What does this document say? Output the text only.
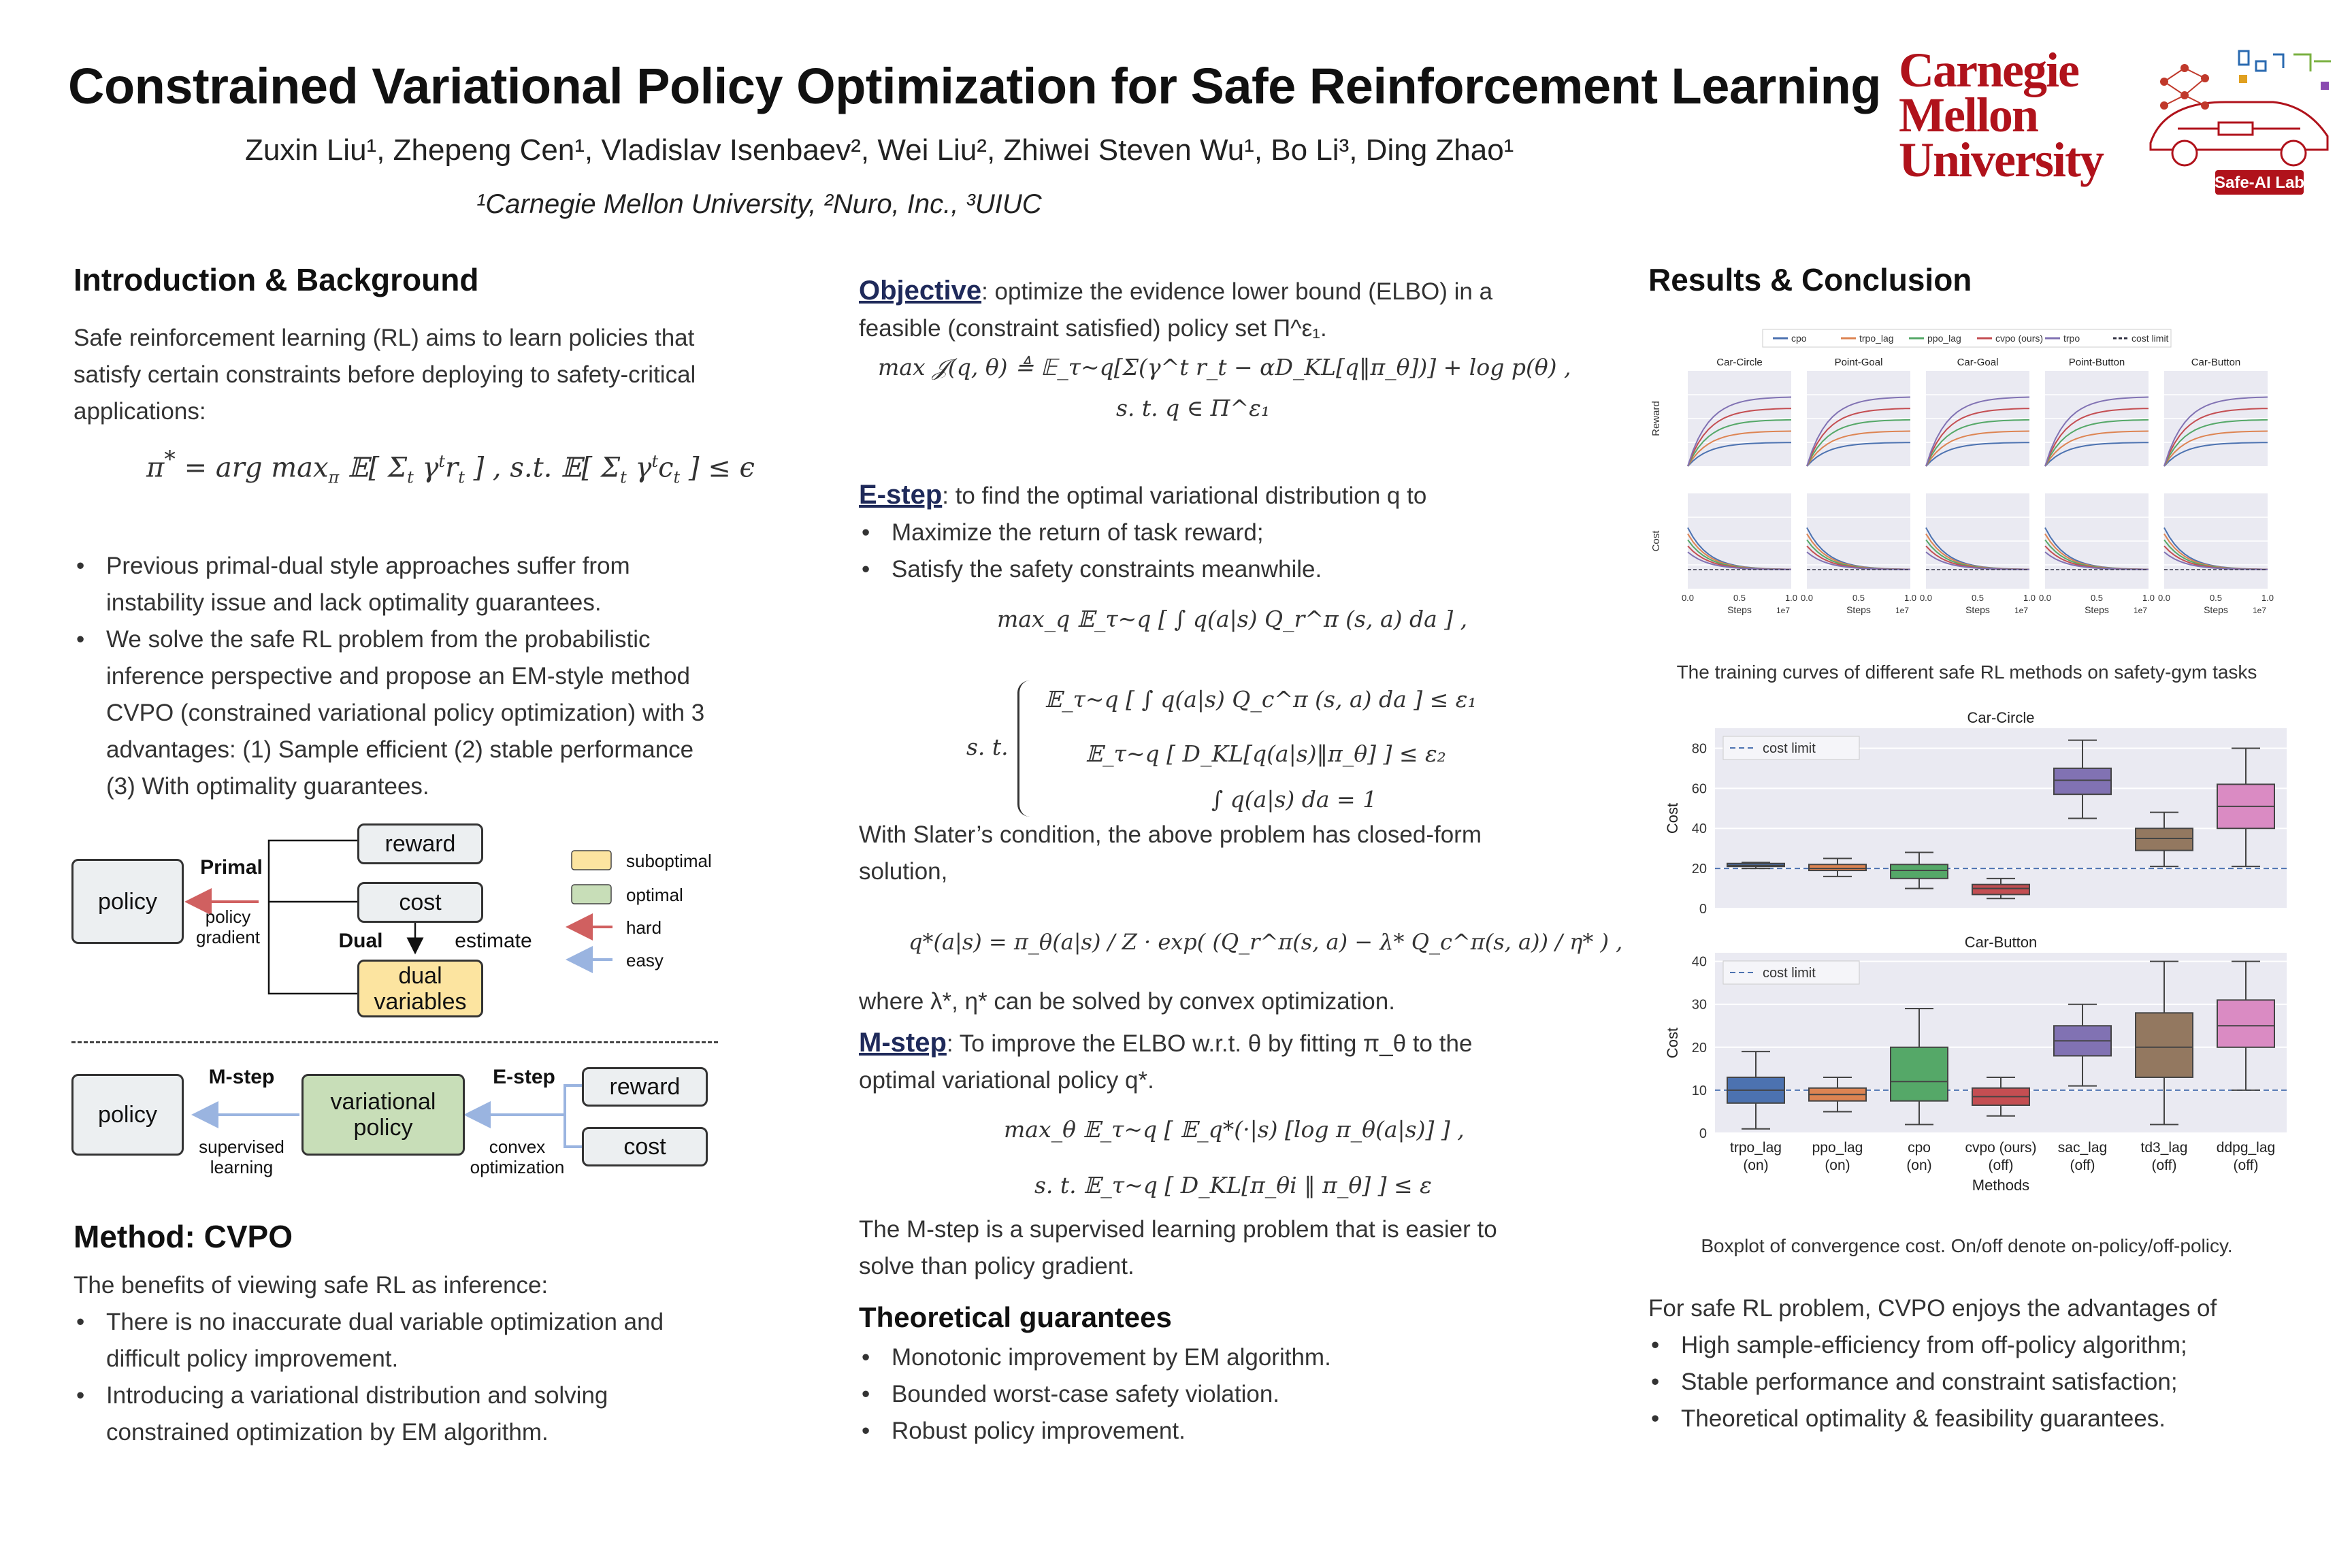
Constrained Variational Policy Optimization for Safe Reinforcement Learning
Zuxin Liu¹, Zhepeng Cen¹, Vladislav Isenbaev², Wei Liu², Zhiwei Steven Wu¹, Bo Li³, Ding Zhao¹
¹Carnegie Mellon University, ²Nuro, Inc., ³UIUC
Carnegie
Mellon
University	Safe-AI Lab
Introduction & Background
Safe reinforcement learning (RL) aims to learn policies that satisfy certain constraints before deploying to safety-critical applications:
π* = arg $\max_\pi$ 𝔼[ $\Sigma_t$ $\gamma^tr_t$ ] , s.t. 𝔼[ $\Sigma_t$ $\gamma^tc_t$ ] ≤ ϵ
• Previous primal-dual style approaches suffer from instability issue and lack optimality guarantees.
• We solve the safe RL problem from the probabilistic inference perspective and propose an EM-style method CVPO (constrained variational policy optimization) with 3 advantages: (1) Sample efficient (2) stable performance (3) With optimality guarantees.
policy
reward
cost
dual variables
Primal
policy gradient	Dual	estimate
suboptimal
optimal
hard
easy
policy	variational policy
reward
cost
M-step	E-step
supervised learning
convex optimization
Method: CVPO
The benefits of viewing safe RL as inference:
• There is no inaccurate dual variable optimization and difficult policy improvement.
• Introducing a variational distribution and solving constrained optimization by EM algorithm.
Objective: optimize the evidence lower bound (ELBO) in a feasible (constraint satisfied) policy set Π^ε₁.
max 𝒥(q, θ) ≜ 𝔼_τ~q[Σ(γ^t r_t − αD_KL[q‖π_θ])] + log p(θ) ,
s. t. q ∈ Π^ε₁
E-step: to find the optimal variational distribution q to
• Maximize the return of task reward;
• Satisfy the safety constraints meanwhile.
max_q 𝔼_τ~q [ ∫ q(a|s) Q_r^π (s, a) da ] ,
s. t.
𝔼_τ~q [ ∫ q(a|s) Q_c^π (s, a) da ] ≤ ε₁
𝔼_τ~q [ D_KL[q(a|s)‖π_θ] ] ≤ ε₂
∫ q(a|s) da = 1
With Slater’s condition, the above problem has closed-form solution,
q*(a|s) = π_θ(a|s) / Z · exp( (Q_r^π(s, a) − λ* Q_c^π(s, a)) / η* ) ,
where λ*, η* can be solved by convex optimization.
M-step: To improve the ELBO w.r.t. θ by fitting π_θ to the optimal variational policy q*.
max_θ 𝔼_τ~q [ 𝔼_q*(·|s) [log π_θ(a|s)] ] ,
s. t. 𝔼_τ~q [ D_KL[π_θi ‖ π_θ] ] ≤ ε
The M-step is a supervised learning problem that is easier to solve than policy gradient.
Theoretical guarantees
• Monotonic improvement by EM algorithm.
• Bounded worst-case safety violation.
• Robust policy improvement.
Results & Conclusion
cpo	trpo_lag	ppo_lag	cvpo (ours) trpo	cost limit
Car-Circle
0.0	0.5	1.0
Steps	1e7
Point-Goal
0.0	0.5	1.0
Steps	1e7
Car-Goal
0.0	0.5	1.0
Steps	1e7
Point-Button
0.0	0.5	1.0
Steps	1e7
Car-Button
0.0	0.5	1.0
Steps	1e7
Reward
Cost
The training curves of different safe RL methods on safety-gym tasks
Car-Circle
0
20
40
60
80	cost limit
Cost
Car-Button
0
10
20
30
40
cost limit
Cost
trpo_lag
(on)
ppo_lag
(on)
cpo
(on)
cvpo (ours)
(off)
sac_lag
(off)
td3_lag
(off)
ddpg_lag
(off)
Methods
Boxplot of convergence cost. On/off denote on-policy/off-policy.
For safe RL problem, CVPO enjoys the advantages of
• High sample-efficiency from off-policy algorithm;
• Stable performance and constraint satisfaction;
• Theoretical optimality & feasibility guarantees.
